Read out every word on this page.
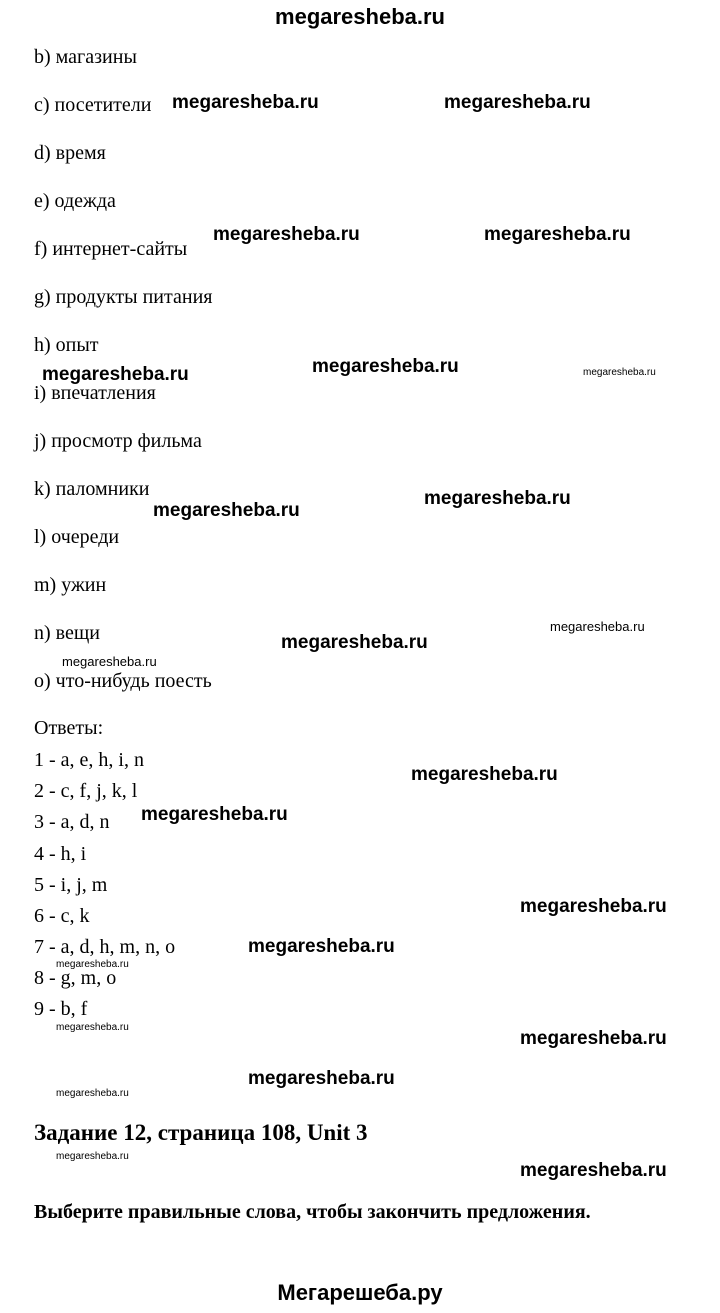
megaresheba.ru
b) магазины
c) посетители
d) время
e) одежда
f) интернет-сайты
g) продукты питания
h) опыт
i) впечатления
j) просмотр фильма
k) паломники
l) очереди
m) ужин
n) вещи
o) что-нибудь поесть
Ответы:
1 - a, e, h, i, n
2 - c, f, j, k, l
3 - a, d, n
4 - h, i
5 - i, j, m
6 - c, k
7 - a, d, h, m, n, o
8 - g, m, o
9 - b, f
Задание 12, страница 108, Unit 3
Выберите правильные слова, чтобы закончить предложения.
megaresheba.ru	megaresheba.ru
megaresheba.ru	megaresheba.ru
megaresheba.ru	megaresheba.ru	megaresheba.ru
megaresheba.ru
megaresheba.ru
megaresheba.ru
megaresheba.ru
megaresheba.ru
megaresheba.ru
megaresheba.ru
megaresheba.ru
megaresheba.ru
megaresheba.ru
megaresheba.ru
megaresheba.ru
megaresheba.ru
megaresheba.ru
megaresheba.ru
megaresheba.ru
Мегарешеба.ру
